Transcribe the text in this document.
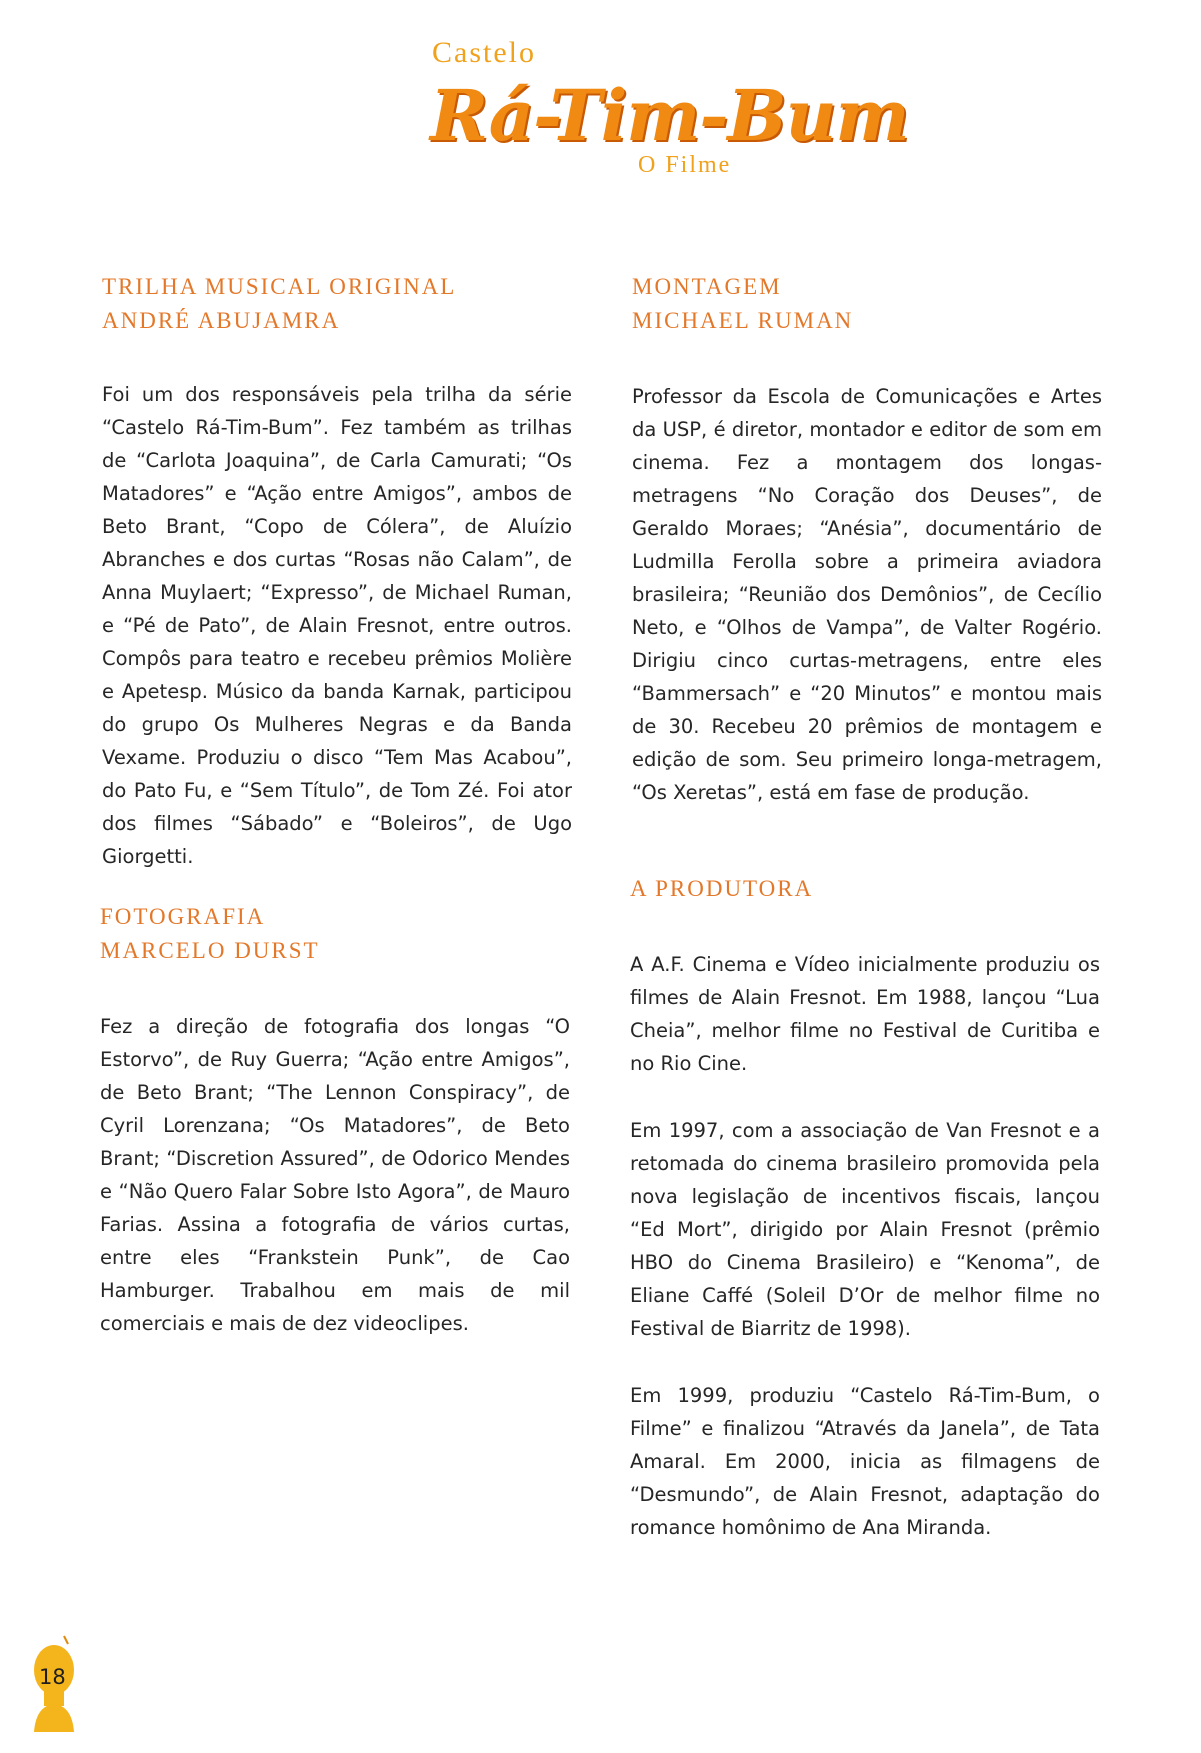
Castelo
Rá-Tim-Bum
O Filme
TRILHA MUSICAL ORIGINAL
ANDRÉ ABUJAMRA
Foi um dos responsáveis pela trilha da série “Castelo Rá-Tim-Bum”. Fez também as trilhas de “Carlota Joaquina”, de Carla Camurati; “Os Matadores” e “Ação entre Amigos”, ambos de Beto Brant, “Copo de Cólera”, de Aluízio Abranches e dos curtas “Rosas não Calam”, de Anna Muylaert; “Expresso”, de Michael Ruman, e “Pé de Pato”, de Alain Fresnot, entre outros. Compôs para teatro e recebeu prêmios Molière e Apetesp. Músico da banda Karnak, participou do grupo Os Mulheres Negras e da Banda Vexame. Produziu o disco “Tem Mas Acabou”, do Pato Fu, e “Sem Título”, de Tom Zé. Foi ator dos filmes “Sábado” e “Boleiros”, de Ugo Giorgetti.
MONTAGEM
MICHAEL RUMAN
Professor da Escola de Comunicações e Artes da USP, é diretor, montador e editor de som em cinema. Fez a montagem dos longas-metragens “No Coração dos Deuses”, de Geraldo Moraes; “Anésia”, documentário de Ludmilla Ferolla sobre a primeira aviadora brasileira; “Reunião dos Demônios”, de Cecílio Neto, e “Olhos de Vampa”, de Valter Rogério. Dirigiu cinco curtas-metragens, entre eles “Bammersach” e “20 Minutos” e montou mais de 30. Recebeu 20 prêmios de montagem e edição de som. Seu primeiro longa-metragem, “Os Xeretas”, está em fase de produção.
FOTOGRAFIA
MARCELO DURST
Fez a direção de fotografia dos longas “O Estorvo”, de Ruy Guerra; “Ação entre Amigos”, de Beto Brant; “The Lennon Conspiracy”, de Cyril Lorenzana; “Os Matadores”, de Beto Brant; “Discretion Assured”, de Odorico Mendes e “Não Quero Falar Sobre Isto Agora”, de Mauro Farias. Assina a fotografia de vários curtas, entre eles “Frankstein Punk”, de Cao Hamburger. Trabalhou em mais de mil comerciais e mais de dez videoclipes.
A PRODUTORA
A A.F. Cinema e Vídeo inicialmente produziu os filmes de Alain Fresnot. Em 1988, lançou “Lua Cheia”, melhor filme no Festival de Curitiba e no Rio Cine.
Em 1997, com a associação de Van Fresnot e a retomada do cinema brasileiro promovida pela nova legislação de incentivos fiscais, lançou “Ed Mort”, dirigido por Alain Fresnot (prêmio HBO do Cinema Brasileiro) e “Kenoma”, de Eliane Caffé (Soleil D’Or de melhor filme no Festival de Biarritz de 1998).
Em 1999, produziu “Castelo Rá-Tim-Bum, o Filme” e finalizou “Através da Janela”, de Tata Amaral. Em 2000, inicia as filmagens de “Desmundo”, de Alain Fresnot, adaptação do romance homônimo de Ana Miranda.
18
